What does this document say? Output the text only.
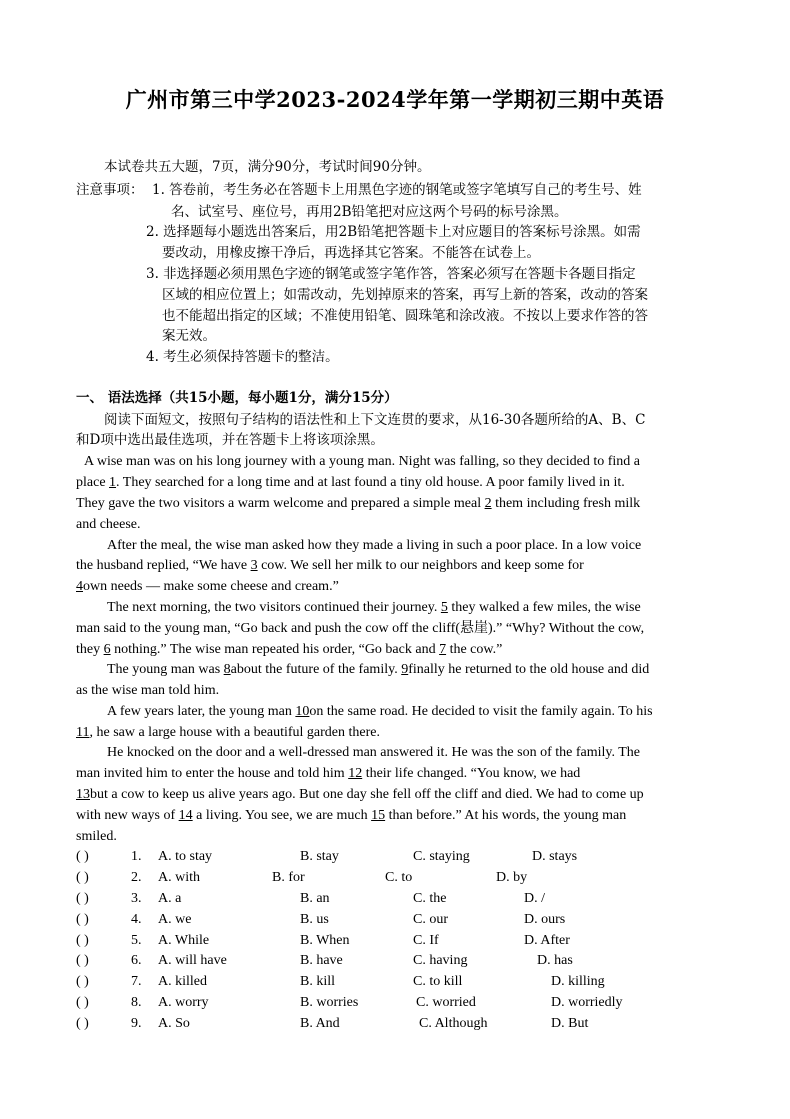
广州市第三中学2023-2024学年第一学期初三期中英语
本试卷共五大题，7页，满分90分，考试时间90分钟。
注意事项： 1. 答卷前，考生务必在答题卡上用黑色字迹的钢笔或签字笔填写自己的考生号、姓
名、试室号、座位号，再用2B铅笔把对应这两个号码的标号涂黑。
2. 选择题每小题选出答案后，用2B铅笔把答题卡上对应题目的答案标号涂黑。如需
要改动，用橡皮擦干净后，再选择其它答案。不能答在试卷上。
3. 非选择题必须用黑色字迹的钢笔或签字笔作答，答案必须写在答题卡各题目指定
区域的相应位置上；如需改动，先划掉原来的答案，再写上新的答案，改动的答案
也不能超出指定的区域；不准使用铅笔、圆珠笔和涂改液。不按以上要求作答的答
案无效。
4. 考生必须保持答题卡的整洁。
一、 语法选择（共15小题，每小题1分，满分15分）
阅读下面短文，按照句子结构的语法性和上下文连贯的要求，从16-30各题所给的A、B、C
和D项中选出最佳选项，并在答题卡上将该项涂黑。
A wise man was on his long journey with a young man. Night was falling, so they decided to find a
place 1. They searched for a long time and at last found a tiny old house. A poor family lived in it.
They gave the two visitors a warm welcome and prepared a simple meal 2 them including fresh milk
and cheese.
After the meal, the wise man asked how they made a living in such a poor place. In a low voice
the husband replied, “We have 3 cow. We sell her milk to our neighbors and keep some for
4own needs — make some cheese and cream.”
The next morning, the two visitors continued their journey. 5 they walked a few miles, the wise
man said to the young man, “Go back and push the cow off the cliff(悬崖).” “Why? Without the cow,
they 6 nothing.” The wise man repeated his order, “Go back and 7 the cow.”
The young man was 8about the future of the family. 9finally he returned to the old house and did
as the wise man told him.
A few years later, the young man 10on the same road. He decided to visit the family again. To his
11, he saw a large house with a beautiful garden there.
He knocked on the door and a well-dressed man answered it. He was the son of the family. The
man invited him to enter the house and told him 12 their life changed. “You know, we had
13but a cow to keep us alive years ago. But one day she fell off the cliff and died. We had to come up
with new ways of 14 a living. You see, we are much 15 than before.” At his words, the young man
smiled.
( )	1. A. to stay	B. stay	C. staying	D. stays
( )	2. A. with	B. for	C. to	D. by
( )	3. A. a	B. an	C. the	D. /
( )	4. A. we	B. us	C. our	D. ours
( )	5. A. While	B. When	C. If	D. After
( )	6. A. will have	B. have	C. having	D. has
( )	7. A. killed	B. kill	C. to kill	D. killing
( )	8. A. worry	B. worries	C. worried	D. worriedly
( )	9. A. So	B. And	C. Although	D. But
